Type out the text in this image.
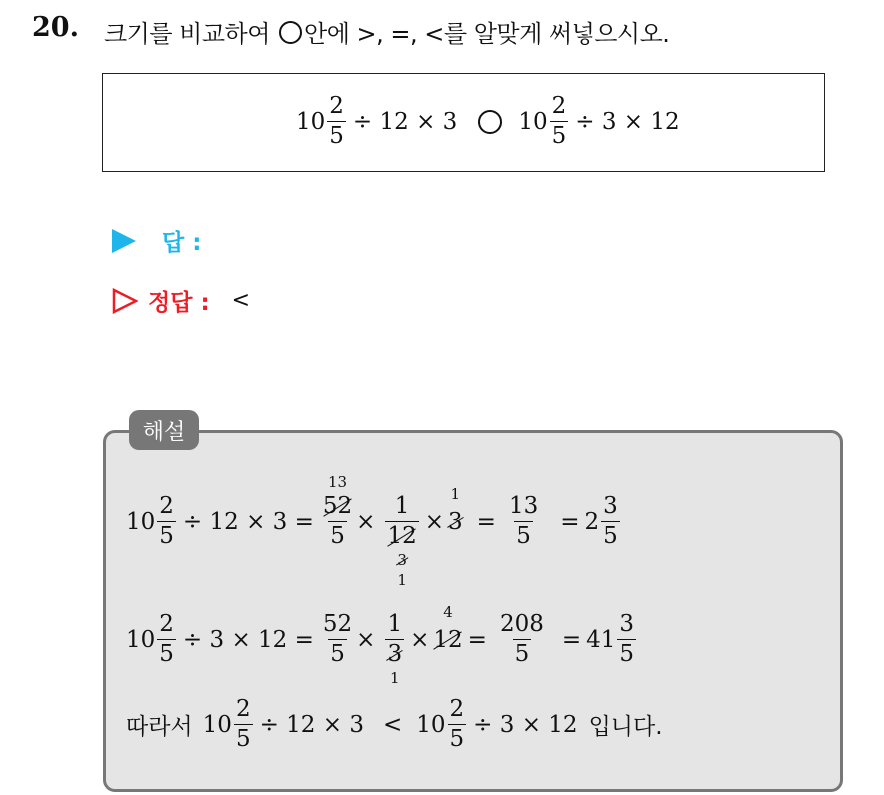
20. 크기를 비교하여 안에 >, =, <를 알맞게 써넣으시오.
$10 \frac{2}{5} \div 12 \times 3$	$10 \frac{2}{5} \div 3 \times 12$
답 :
정답 : <
해설
$10 \frac{2}{5} \div 12 \times 3 = 52$
13
5 × 1
12
1
3 × 3
1
= $\frac{13}{5} = 2 \frac{3}{5}$
$10 \frac{2}{5} \div 3 \times 12 = \frac{52}{5} \times 1$
3
1 × 12
4
= $\frac{208}{5} = 41 \frac{3}{5}$
따라서 $10 \frac{2}{5} \div 12 \times 3 < 10 \frac{2}{5} \div 3 \times 12$ 입니다.
